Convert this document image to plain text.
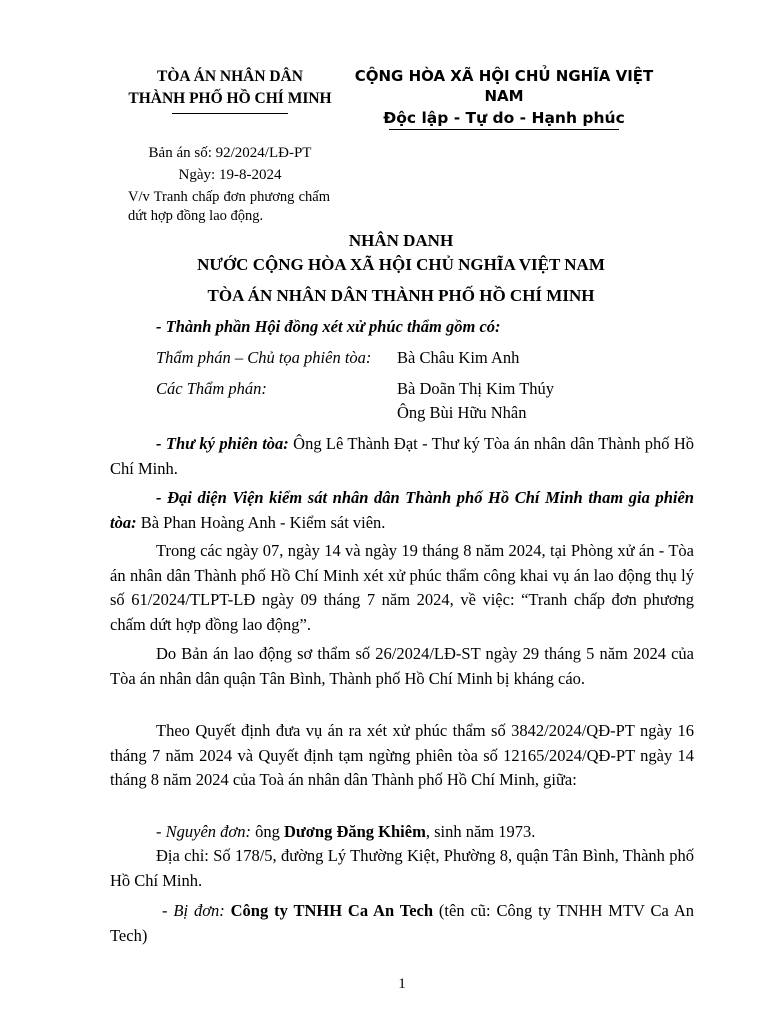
TÒA ÁN NHÂN DÂN
THÀNH PHỐ HỒ CHÍ MINH
CỘNG HÒA XÃ HỘI CHỦ NGHĨA VIỆT
NAM
Độc lập - Tự do - Hạnh phúc
Bản án số: 92/2024/LĐ-PT
Ngày: 19-8-2024
V/v Tranh chấp đơn phương chấm dứt hợp đồng lao động.
NHÂN DANH
NƯỚC CỘNG HÒA XÃ HỘI CHỦ NGHĨA VIỆT NAM
TÒA ÁN NHÂN DÂN THÀNH PHỐ HỒ CHÍ MINH
- Thành phần Hội đồng xét xử phúc thẩm gồm có:
Thẩm phán – Chủ tọa phiên tòa: Bà Châu Kim Anh
Các Thẩm phán:	Bà Doãn Thị Kim Thúy
Ông Bùi Hữu Nhân
- Thư ký phiên tòa: Ông Lê Thành Đạt - Thư ký Tòa án nhân dân Thành phố Hồ Chí Minh.
- Đại diện Viện kiểm sát nhân dân Thành phố Hồ Chí Minh tham gia phiên tòa: Bà Phan Hoàng Anh - Kiểm sát viên.
Trong các ngày 07, ngày 14 và ngày 19 tháng 8 năm 2024, tại Phòng xử án - Tòa án nhân dân Thành phố Hồ Chí Minh xét xử phúc thẩm công khai vụ án lao động thụ lý số 61/2024/TLPT-LĐ ngày 09 tháng 7 năm 2024, về việc: “Tranh chấp đơn phương chấm dứt hợp đồng lao động”.
Do Bản án lao động sơ thẩm số 26/2024/LĐ-ST ngày 29 tháng 5 năm 2024 của Tòa án nhân dân quận Tân Bình, Thành phố Hồ Chí Minh bị kháng cáo.
Theo Quyết định đưa vụ án ra xét xử phúc thẩm số 3842/2024/QĐ-PT ngày 16 tháng 7 năm 2024 và Quyết định tạm ngừng phiên tòa số 12165/2024/QĐ-PT ngày 14 tháng 8 năm 2024 của Toà án nhân dân Thành phố Hồ Chí Minh, giữa:
- Nguyên đơn: ông Dương Đăng Khiêm, sinh năm 1973.
Địa chỉ: Số 178/5, đường Lý Thường Kiệt, Phường 8, quận Tân Bình, Thành phố Hồ Chí Minh.
- Bị đơn: Công ty TNHH Ca An Tech (tên cũ: Công ty TNHH MTV Ca An Tech)
1
